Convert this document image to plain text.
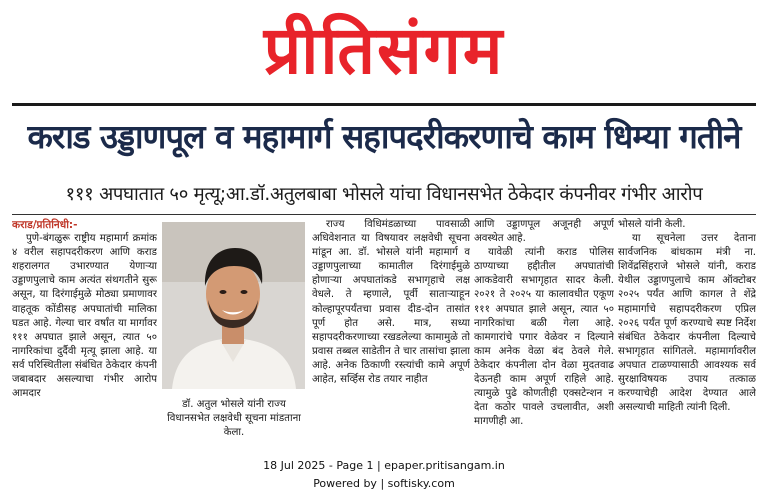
प्रीतिसंगम
कराड उड्डाणपूल व महामार्ग सहापदरीकरणाचे काम धिम्या गतीने
१११ अपघातात ५० मृत्यू;आ.डॉ.अतुलबाबा भोसले यांचा विधानसभेत ठेकेदार कंपनीवर गंभीर आरोप

कराड/प्रतिनिधी:-

पुणे-बंगळुरू राष्ट्रीय महामार्ग क्रमांक ४ वरील सहापदरीकरण आणि कराड शहरालगत उभारण्यात येणाऱ्या उड्डाणपुलाचे काम अत्यंत संथगतीने सुरू असून, या दिरंगाईमुळे मोठ्या प्रमाणावर वाहतूक कोंडीसह अपघातांची मालिका घडत आहे. गेल्या चार वर्षांत या मार्गावर १११ अपघात झाले असून, त्यात ५० नागरिकांचा दुर्दैवी मृत्यू झाला आहे. या सर्व परिस्थितीला संबंधित ठेकेदार कंपनी जबाबदार असल्याचा गंभीर आरोप आमदार

डॉ. अतुल भोसले यांनी राज्य विधानसभेत लक्षवेधी सूचना मांडताना केला.

राज्य विधिमंडळाच्या पावसाळी अधिवेशनात या विषयावर लक्षवेधी सूचना मांडून आ. डॉ. भोसले यांनी महामार्ग व उड्डाणपुलाच्या कामातील दिरंगाईमुळे होणाऱ्या अपघातांकडे सभागृहाचे लक्ष वेधले. ते म्हणाले, पूर्वी साताऱ्याहून कोल्हापूरपर्यंतचा प्रवास दीड-दोन तासांत पूर्ण होत असे. मात्र, सध्या सहापदरीकरणाच्या रखडलेल्या कामामुळे तो प्रवास तब्बल साडेतीन ते चार तासांचा झाला आहे. अनेक ठिकाणी रस्त्यांची कामे अपूर्ण आहेत, सर्व्हिस रोड तयार नाहीत

आणि उड्डाणपूल अजूनही अपूर्ण अवस्थेत आहे.

यावेळी त्यांनी कराड पोलिस ठाण्याच्या हद्दीतील अपघातांची आकडेवारी सभागृहात सादर केली. २०२१ ते २०२५ या कालावधीत एकूण १११ अपघात झाले असून, त्यात ५० नागरिकांचा बळी गेला आहे. कामगारांचे पगार वेळेवर न दिल्याने काम अनेक वेळा बंद ठेवले गेले. ठेकेदार कंपनीला दोन वेळा मुदतवाढ देऊनही काम अपूर्ण राहिले आहे. त्यामुळे पुढे कोणतीही एक्सटेन्शन न देता कठोर पावले उचलावीत, अशी मागणीही आ.

भोसले यांनी केली.

या सूचनेला उत्तर देताना सार्वजनिक बांधकाम मंत्री ना. शिवेंद्रसिंहराजे भोसले यांनी, कराड येथील उड्डाणपुलाचे काम ऑक्टोबर २०२५ पर्यंत आणि कागल ते शेंद्रे महामार्गाचे सहापदरीकरण एप्रिल २०२६ पर्यंत पूर्ण करण्याचे स्पष्ट निर्देश संबंधित ठेकेदार कंपनीला दिल्याचे सभागृहात सांगितले. महामार्गावरील अपघात टाळण्यासाठी आवश्यक सर्व सुरक्षाविषयक उपाय तत्काळ करण्याचेही आदेश देण्यात आले असल्याची माहिती त्यांनी दिली.

18 Jul 2025 - Page 1 | epaper.pritisangam.in
Powered by | softisky.com
